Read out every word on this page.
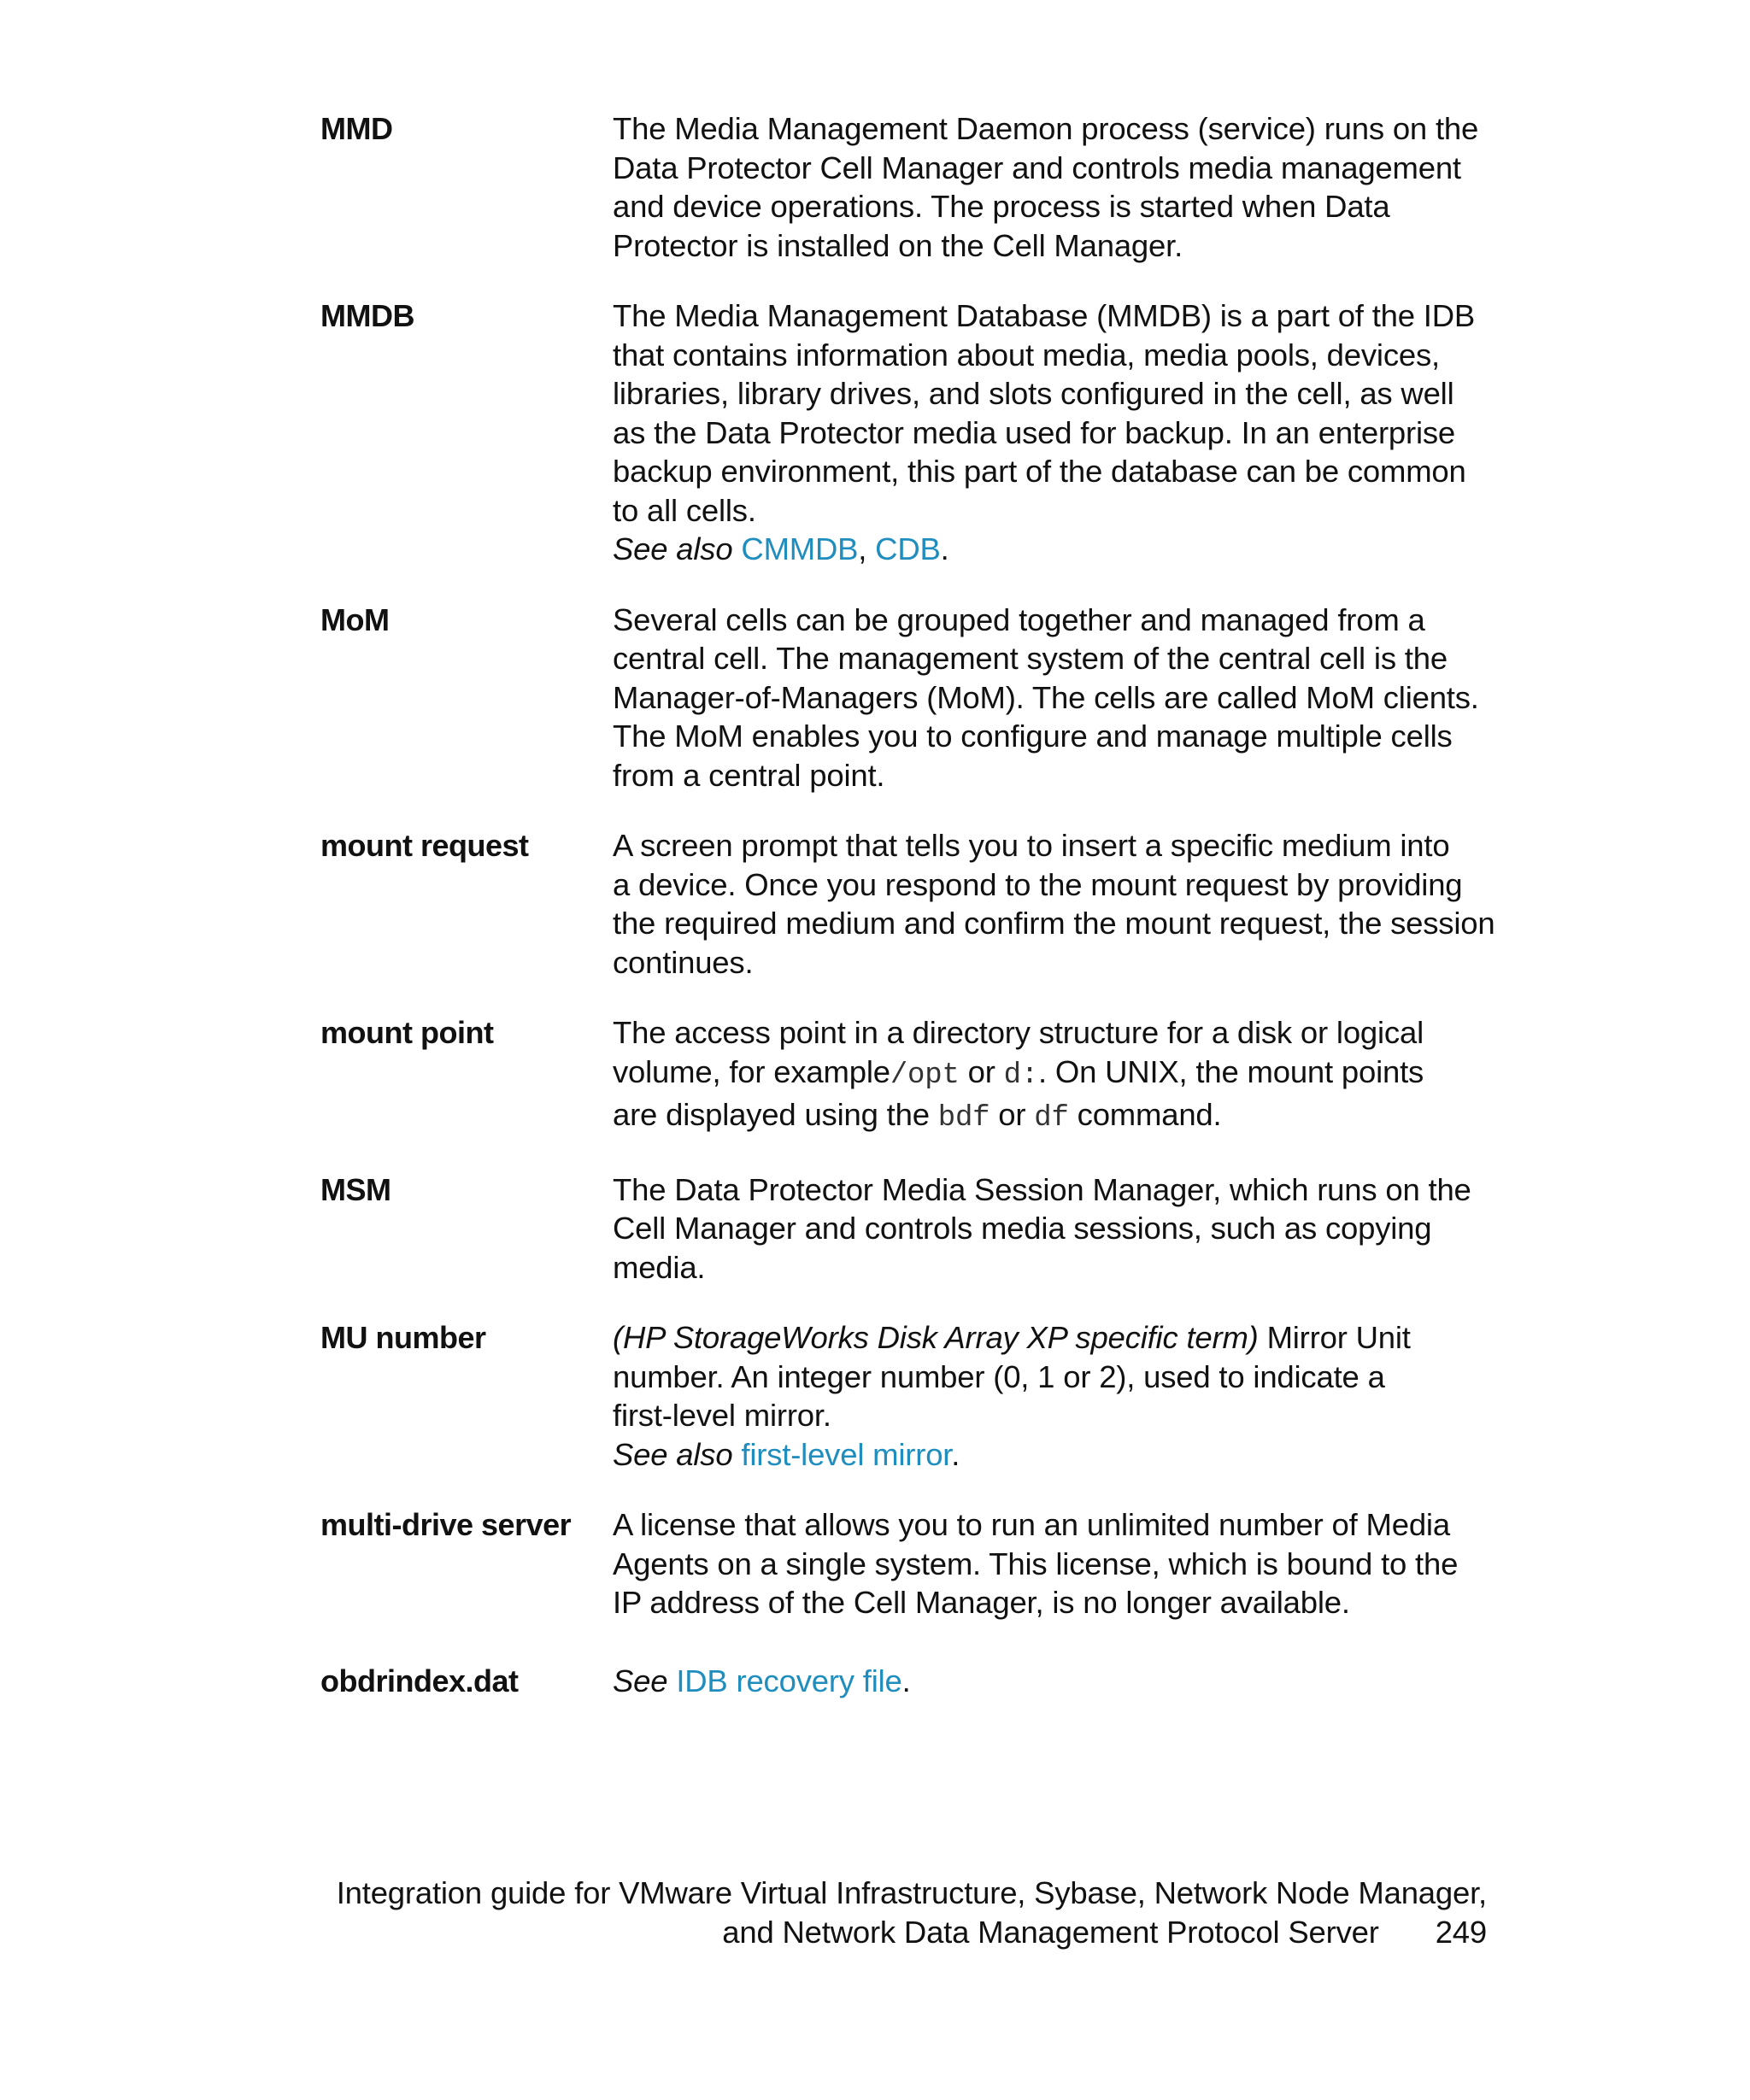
MMD	The Media Management Daemon process (service) runs on the

Data Protector Cell Manager and controls media management

and device operations. The process is started when Data

Protector is installed on the Cell Manager.

MMDB	The Media Management Database (MMDB) is a part of the IDB

that contains information about media, media pools, devices,

libraries, library drives, and slots configured in the cell, as well

as the Data Protector media used for backup. In an enterprise

backup environment, this part of the database can be common

to all cells.

See also CMMDB, CDB.

MoM	Several cells can be grouped together and managed from a

central cell. The management system of the central cell is the

Manager-of-Managers (MoM). The cells are called MoM clients.

The MoM enables you to configure and manage multiple cells

from a central point.

mount request	A screen prompt that tells you to insert a specific medium into

a device. Once you respond to the mount request by providing

the required medium and confirm the mount request, the session

continues.

mount point	The access point in a directory structure for a disk or logical

volume, for example/opt or d:. On UNIX, the mount points

are displayed using the bdf or df command.

MSM	The Data Protector Media Session Manager, which runs on the

Cell Manager and controls media sessions, such as copying

media.

MU number	(HP StorageWorks Disk Array XP specific term) Mirror Unit

number. An integer number (0, 1 or 2), used to indicate a

first-level mirror.

See also first-level mirror.

multi-drive server	A license that allows you to run an unlimited number of Media

Agents on a single system. This license, which is bound to the

IP address of the Cell Manager, is no longer available.

obdrindex.dat	See IDB recovery file.

Integration guide for VMware Virtual Infrastructure, Sybase, Network Node Manager,
and Network Data Management Protocol Server 249
